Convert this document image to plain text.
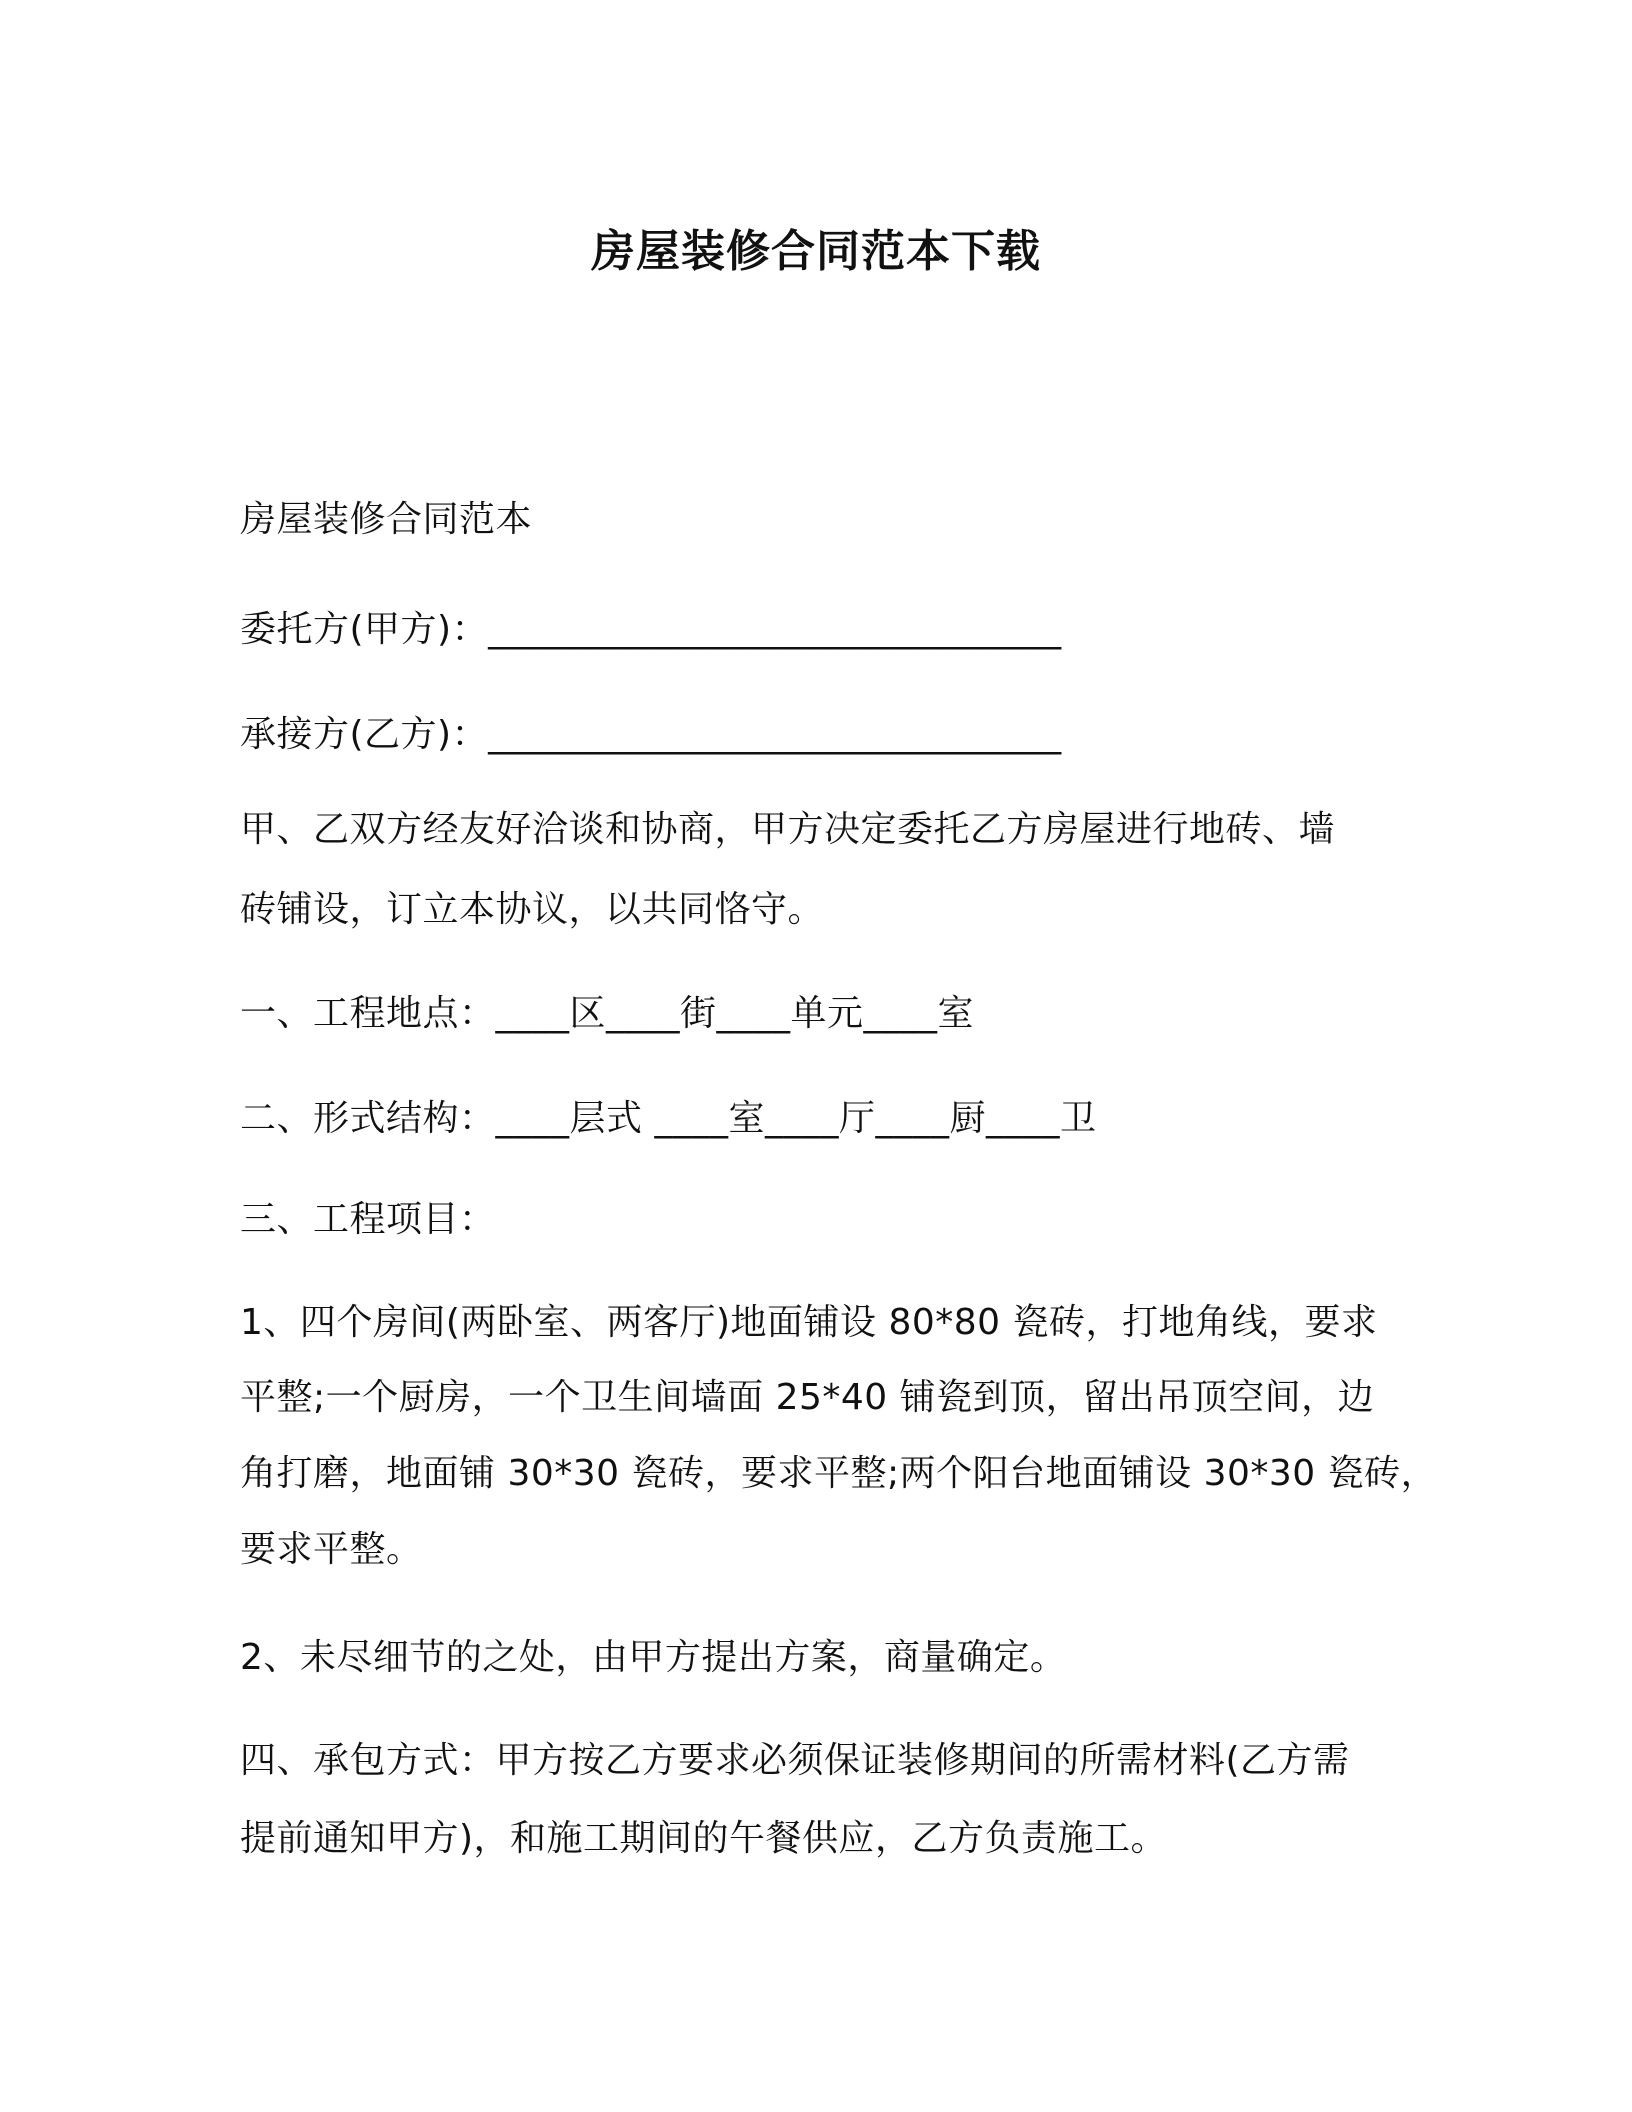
房屋装修合同范本下载
房屋装修合同范本
委托方(甲方)：_______________________________
承接方(乙方)：_______________________________
甲、乙双方经友好洽谈和协商，甲方决定委托乙方房屋进行地砖、墙
砖铺设，订立本协议，以共同恪守。
一、工程地点：____区____街____单元____室
二、形式结构：____层式 ____室____厅____厨____卫
三、工程项目：
1、四个房间(两卧室、两客厅)地面铺设 80*80 瓷砖，打地角线，要求
平整;一个厨房，一个卫生间墙面 25*40 铺瓷到顶，留出吊顶空间，边
角打磨，地面铺 30*30 瓷砖，要求平整;两个阳台地面铺设 30*30 瓷砖，
要求平整。
2、未尽细节的之处，由甲方提出方案，商量确定。
四、承包方式：甲方按乙方要求必须保证装修期间的所需材料(乙方需
提前通知甲方)，和施工期间的午餐供应，乙方负责施工。
